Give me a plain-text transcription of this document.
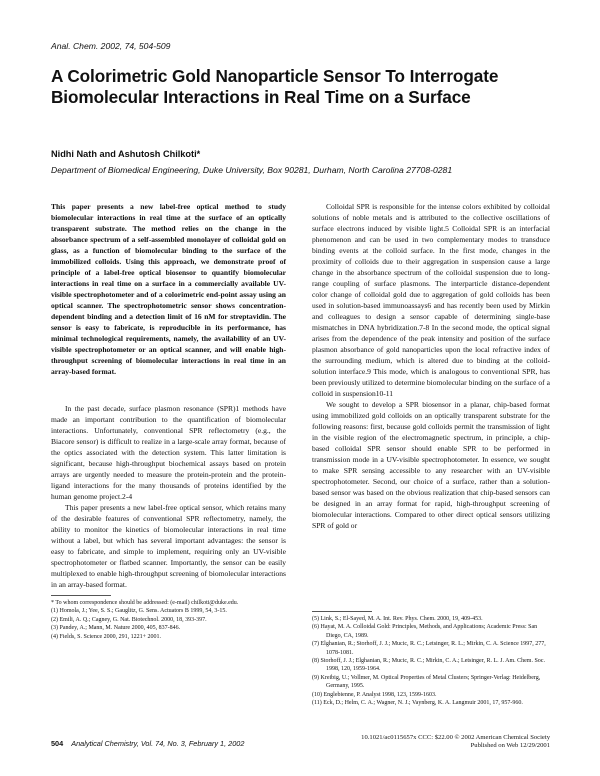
Anal. Chem. 2002, 74, 504-509
A Colorimetric Gold Nanoparticle Sensor To Interrogate Biomolecular Interactions in Real Time on a Surface
Nidhi Nath and Ashutosh Chilkoti*
Department of Biomedical Engineering, Duke University, Box 90281, Durham, North Carolina 27708-0281

This paper presents a new label-free optical method to study biomolecular interactions in real time at the surface of an optically transparent substrate. The method relies on the change in the absorbance spectrum of a self-assembled monolayer of colloidal gold on glass, as a function of biomolecular binding to the surface of the immobilized colloids. Using this approach, we demonstrate proof of principle of a label-free optical biosensor to quantify biomolecular interactions in real time on a surface in a commercially available UV-visible spectrophotometer and of a colorimetric end-point assay using an optical scanner. The spectrophotometric sensor shows concentration-dependent binding and a detection limit of 16 nM for streptavidin. The sensor is easy to fabricate, is reproducible in its performance, has minimal technological requirements, namely, the availability of an UV-visible spectrophotometer or an optical scanner, and will enable high-throughput screening of biomolecular interactions in real time in an array-based format.

In the past decade, surface plasmon resonance (SPR)1 methods have made an important contribution to the quantification of biomolecular interactions. Unfortunately, conventional SPR reflectometry (e.g., the Biacore sensor) is difficult to realize in a large-scale array format, because of the optics associated with the detection system. This latter limitation is significant, because high-throughput biochemical assays based on protein arrays are urgently needed to measure the protein-protein and the protein-ligand interactions for the many thousands of proteins identified by the human genome project.2-4

This paper presents a new label-free optical sensor, which retains many of the desirable features of conventional SPR reflectometry, namely, the ability to monitor the kinetics of biomolecular interactions in real time without a label, but which has several important advantages: the sensor is easy to fabricate, and simple to implement, requiring only an UV-visible spectrophotometer or flatbed scanner. Importantly, the sensor can be easily multiplexed to enable high-throughput screening of biomolecular interactions in an array-based format.

* To whom correspondence should be addressed: (e-mail) chilkoti@duke.edu.
(1) Homola, J.; Yee, S. S.; Gauglitz, G. Sens. Actuators B 1999, 54, 3-15.
(2) Emili, A. Q.; Cagney, G. Nat. Biotechnol. 2000, 18, 393-397.
(3) Pandey, A.; Mann, M. Nature 2000, 405, 837-846.
(4) Fields, S. Science 2000, 291, 1221+ 2001.

Colloidal SPR is responsible for the intense colors exhibited by colloidal solutions of noble metals and is attributed to the collective oscillations of surface electrons induced by visible light.5 Colloidal SPR is an interfacial phenomenon and can be used in two complementary modes to transduce binding events at the colloid surface. In the first mode, changes in the proximity of colloids due to their aggregation in suspension cause a large change in the absorbance spectrum of the colloidal suspension due to long-range coupling of surface plasmons. The interparticle distance-dependent color change of colloidal gold due to aggregation of gold colloids has been used in solution-based immunoassays6 and has recently been used by Mirkin and colleagues to design a sensor capable of determining single-base mismatches in DNA hybridization.7-8 In the second mode, the optical signal arises from the dependence of the peak intensity and position of the surface plasmon absorbance of gold nanoparticles upon the local refractive index of the surrounding medium, which is altered due to binding at the colloid-solution interface.9 This mode, which is analogous to conventional SPR, has been previously utilized to determine biomolecular binding on the surface of a colloid in suspension10-11

We sought to develop a SPR biosensor in a planar, chip-based format using immobilized gold colloids on an optically transparent substrate for the following reasons: first, because gold colloids permit the transmission of light in the visible region of the electromagnetic spectrum, in principle, a chip-based colloidal SPR sensor should enable SPR to be performed in transmission mode in a UV-visible spectrophotometer. In essence, we sought to make SPR sensing accessible to any researcher with an UV-visible spectrophotometer. Second, our choice of a surface, rather than a solution-based sensor was based on the obvious realization that chip-based sensors can be designed in an array format for rapid, high-throughput screening of biomolecular interactions. Compared to other direct optical sensors utilizing SPR of gold or

(5) Link, S.; El-Sayed, M. A. Int. Rev. Phys. Chem. 2000, 19, 409-453.
(6) Hayat, M. A. Colloidal Gold: Principles, Methods, and Applications; Academic Press: San Diego, CA, 1989.
(7) Elghanian, R.; Storhoff, J. J.; Mucic, R. C.; Letsinger, R. L.; Mirkin, C. A. Science 1997, 277, 1078-1081.
(8) Storhoff, J. J.; Elghanian, R.; Mucic, R. C.; Mirkin, C. A.; Letsinger, R. L. J. Am. Chem. Soc. 1998, 120, 1959-1964.
(9) Kreibig, U.; Vollmer, M. Optical Properties of Metal Clusters; Springer-Verlag: Heidelberg, Germany, 1995.
(10) Englebienne, P. Analyst 1998, 123, 1599-1603.
(11) Eck, D.; Helm, C. A.; Wagner, N. J.; Vaynberg, K. A. Langmuir 2001, 17, 957-960.
504 Analytical Chemistry, Vol. 74, No. 3, February 1, 2002
10.1021/ac0115657x CCC: $22.00 © 2002 American Chemical Society
Published on Web 12/29/2001
